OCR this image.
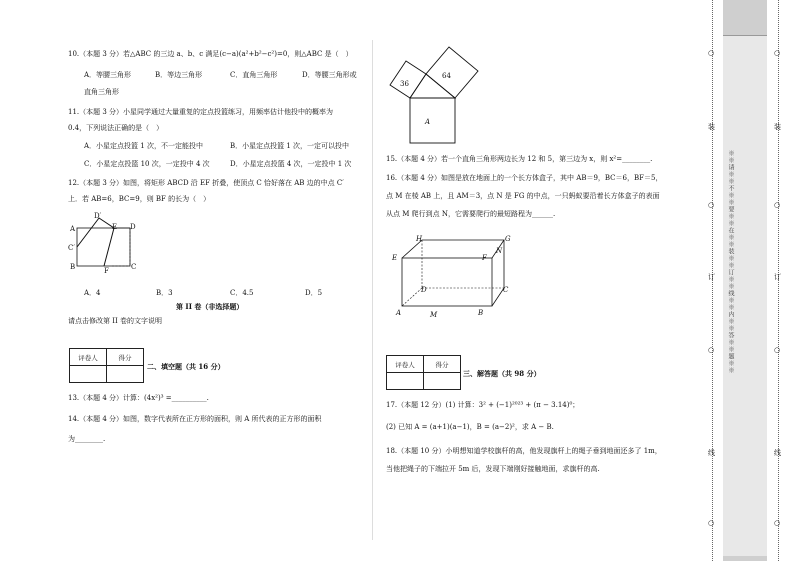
10.（本题 3 分）若△ABC 的三边 a、b、c 满足(c−a)(a²+b²−c²)=0，则△ABC 是（　）
A．等腰三角形	B．等边三角形	C．直角三角形	D．等腰三角形或
直角三角形
11.（本题 3 分）小星同学通过大量重复的定点投篮练习，用频率估计他投中的概率为
0.4，下列说法正确的是（　）
A．小星定点投篮 1 次，不一定能投中	B．小星定点投篮 1 次，一定可以投中
C．小星定点投篮 10 次，一定投中 4 次	D．小星定点投篮 4 次，一定投中 1 次
12.（本题 3 分）如图，将矩形 ABCD 沿 EF 折叠，使顶点 C 恰好落在 AB 边的中点 C′
上．若 AB=6，BC=9，则 BF 的长为（　）
D′
A	E D
C′
B	F	C
A．4	B．3	C．4.5	D．5
第 II 卷（非选择题）
请点击修改第 II 卷的文字说明
评卷人	得分

二、填空题（共 16 分）
13.（本题 4 分）计算：(4x²)³ =__________.
14.（本题 4 分）如图，数字代表所在正方形的面积，则 A 所代表的正方形的面积
为________.
36
64
A
15.（本题 4 分）若一个直角三角形两边长为 12 和 5，第三边为 x，则 x²=________.
16.（本题 4 分）如图是放在地面上的一个长方体盒子，其中 AB＝9，BC＝6，BF＝5，
点 M 在棱 AB 上，且 AM＝3，点 N 是 FG 的中点，一只蚂蚁要沿着长方体盒子的表面
从点 M 爬行到点 N，它需要爬行的最短路程为______.
H	G
E	F
N
D	C
A	M	B
评卷人	得分

三、解答题（共 98 分）
17.（本题 12 分）(1) 计算：3² + (−1)²⁰²³ + (π − 3.14)⁰；
(2) 已知 A = (a+1)(a−1)，B = (a−2)²，求 A − B.
18.（本题 10 分）小明想知道学校旗杆的高，他发现旗杆上的绳子垂到地面还多了 1m，
当他把绳子的下端拉开 5m 后，发现下端刚好接触地面，求旗杆的高.
○
装
○
订
○
线
○
※※请※※不※※要※※在※※装※※订※※线※※内※※答※※题※※
○
装
○
订
○
线
○
